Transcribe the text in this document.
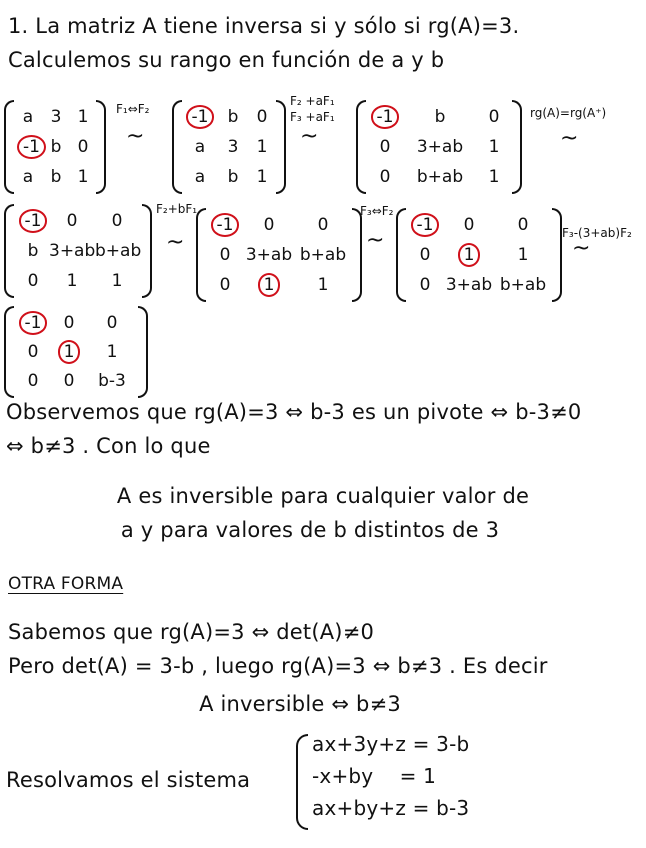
1. La matriz A tiene inversa si y sólo si rg(A)=3.
Calculemos su rango en función de a y b
a	3 1
-1 b 0
a	b 1
F₁⇔F₂
~
-1	b	0
a	3	1
a	b	1
F₂ +aF₁
F₃ +aF₁
~
-1	b	0
0	3+ab	1
0	b+ab	1
rg(A)=rg(A⁺)
~
-1	0	0
b 3+ab b+ab
0	1	1
F₂+bF₁
~
-1	0	0
0 3+ab b+ab
0	1	1
F₃⇔F₂
~
-1	0	0
0	1	1
0 3+ab b+ab
F₃-(3+ab)F₂
~
-1	0	0
0	1	1
0	0	b-3
Observemos que rg(A)=3 ⇔ b-3 es un pivote ⇔ b-3≠0
⇔ b≠3 . Con lo que
A es inversible para cualquier valor de
a y para valores de b distintos de 3
OTRA FORMA
Sabemos que rg(A)=3 ⇔ det(A)≠0
Pero det(A) = 3-b , luego rg(A)=3 ⇔ b≠3 . Es decir
A inversible ⇔ b≠3
Resolvamos el sistema
ax+3y+z = 3-b
-x+by    = 1
ax+by+z = b-3
